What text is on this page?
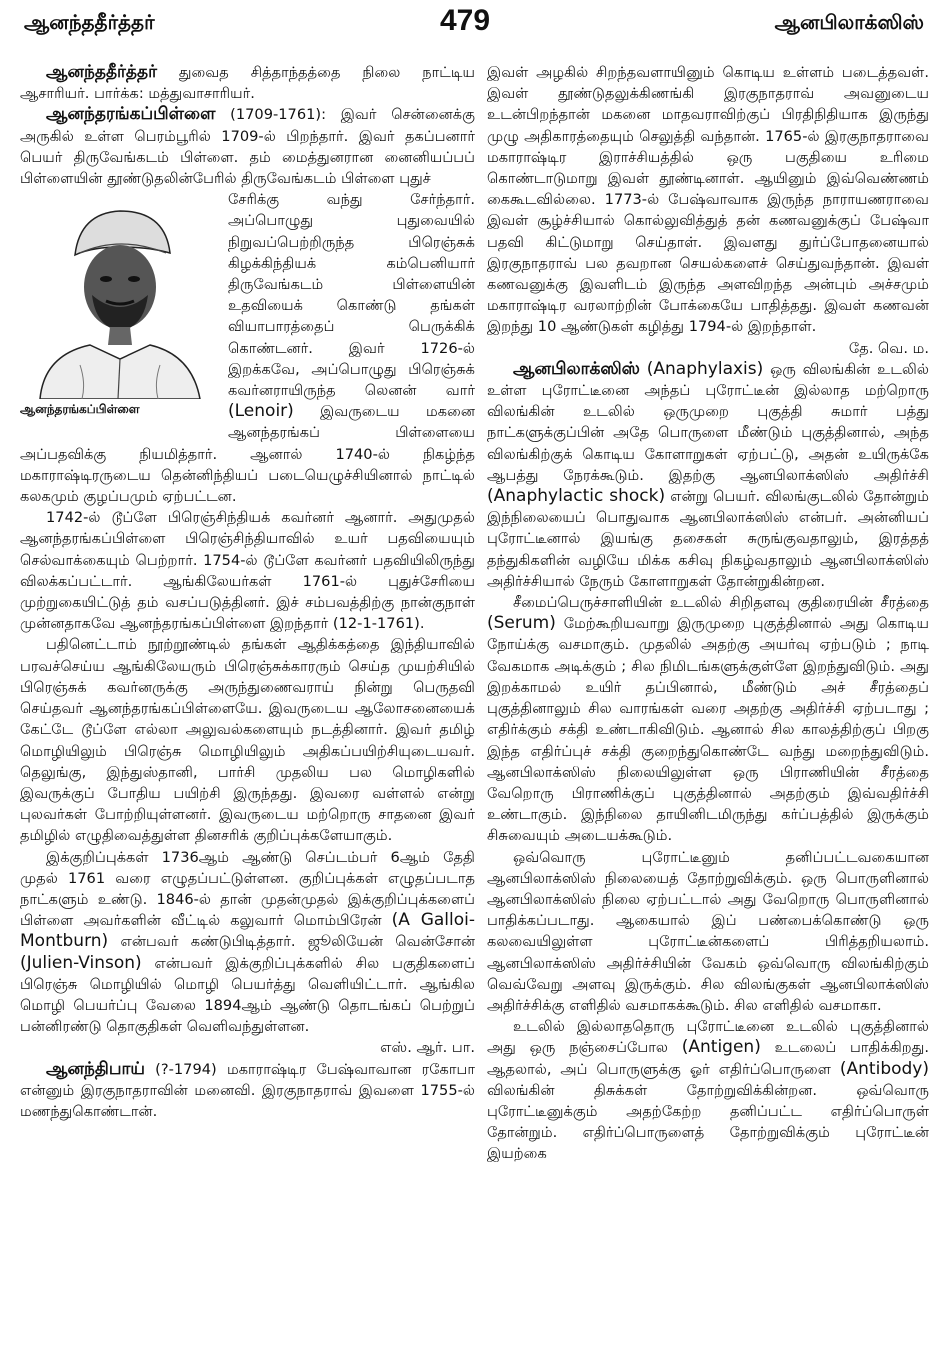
ஆனந்ததீர்த்தர்	479	ஆனபிலாக்ஸிஸ்

ஆனந்ததீர்த்தர் துவைத சித்தாந்தத்தை நிலை நாட்டிய ஆசாரியர். பார்க்க: மத்துவாசாரியர்.

ஆனந்தரங்கப்பிள்ளை (1709-1761): இவர் சென்னைக்கு அருகில் உள்ள பெரம்பூரில் 1709-ல் பிறந்தார். இவர் தகப்பனார் பெயர் திருவேங்கடம் பிள்ளை. தம் மைத்துனரான னைனியப்பப் பிள்ளையின் தூண்டுதலின்பேரில் திருவேங்கடம் பிள்ளை புதுச்

ஆனந்தரங்கப்பிள்ளை

சேரிக்கு வந்து சேர்ந்தார். அப்பொழுது புதுவையில் நிறுவப்பெற்றிருந்த பிரெஞ்சுக் கிழக்கிந்தியக் கம்பெனியார் திருவேங்கடம் பிள்ளையின் உதவியைக் கொண்டு தங்கள் வியாபாரத்தைப் பெருக்கிக் கொண்டனர். இவர் 1726-ல் இறக்கவே, அப்பொழுது பிரெஞ்சுக் கவர்னராயிருந்த லெனன் வார் (Lenoir) இவருடைய மகனை ஆனந்தரங்கப் பிள்ளையை அப்பதவிக்கு நியமித்தார். ஆனால் 1740-ல் நிகழ்ந்த மகாராஷ்டிரருடைய தென்னிந்தியப் படையெழுச்சியினால் நாட்டில் கலகமும் குழப்பமும் ஏற்பட்டன.

1742-ல் டூப்ளே பிரெஞ்சிந்தியக் கவர்னர் ஆனார். அதுமுதல் ஆனந்தரங்கப்பிள்ளை பிரெஞ்சிந்தியாவில் உயர் பதவியையும் செல்வாக்கையும் பெற்றார். 1754-ல் டூப்ளே கவர்னர் பதவியிலிருந்து விலக்கப்பட்டார். ஆங்கிலேயர்கள் 1761-ல் புதுச்சேரியை முற்றுகையிட்டுத் தம் வசப்படுத்தினர். இச் சம்பவத்திற்கு நான்குநாள் முன்னதாகவே ஆனந்தரங்கப்பிள்ளை இறந்தார் (12-1-1761).

பதினெட்டாம் நூற்றூண்டில் தங்கள் ஆதிக்கத்தை இந்தியாவில் பரவச்செய்ய ஆங்கிலேயரும் பிரெஞ்சுக்காரரும் செய்த முயற்சியில் பிரெஞ்சுக் கவர்னருக்கு அருந்துணைவராய் நின்று பெருதவி செய்தவர் ஆனந்தரங்கப்பிள்ளையே. இவருடைய ஆலோசனையைக் கேட்டே டூப்ளே எல்லா அலுவல்களையும் நடத்தினார். இவர் தமிழ் மொழியிலும் பிரெஞ்சு மொழியிலும் அதிகப்பயிற்சியுடையவர். தெலுங்கு, இந்துஸ்தானி, பார்சி முதலிய பல மொழிகளில் இவருக்குப் போதிய பயிற்சி இருந்தது. இவரை வள்ளல் என்று புலவர்கள் போற்றியுள்ளனர். இவருடைய மற்றொரு சாதனை இவர் தமிழில் எழுதிவைத்துள்ள தினசரிக் குறிப்புக்களேயாகும்.

இக்குறிப்புக்கள் 1736ஆம் ஆண்டு செப்டம்பர் 6ஆம் தேதி முதல் 1761 வரை எழுதப்பட்டுள்ளன. குறிப்புக்கள் எழுதப்படாத நாட்களும் உண்டு. 1846-ல் தான் முதன்முதல் இக்குறிப்புக்களைப் பிள்ளை அவர்களின் வீட்டில் கலுவார் மொம்பிரேன் (A Galloi-Montburn) என்பவர் கண்டுபிடித்தார். ஜூலியேன் வென்சோன் (Julien-Vinson) என்பவர் இக்குறிப்புக்களில் சில பகுதிகளைப் பிரெஞ்சு மொழியில் மொழி பெயர்த்து வெளியிட்டார். ஆங்கில மொழி பெயர்ப்பு வேலை 1894ஆம் ஆண்டு தொடங்கப் பெற்றுப் பன்னிரண்டு தொகுதிகள் வெளிவந்துள்ளன.
எஸ். ஆர். பா.

ஆனந்திபாய் (?-1794) மகாராஷ்டிர பேஷ்வாவான ரகோபா என்னும் இரகுநாதராவின் மனைவி. இரகுநாதராவ் இவளை 1755-ல் மணந்துகொண்டான்.

இவள் அழகில் சிறந்தவளாயினும் கொடிய உள்ளம் படைத்தவள். இவள் தூண்டுதலுக்கிணங்கி இரகுநாதராவ் அவனுடைய உடன்பிறந்தான் மகனை மாதவராவிற்குப் பிரதிநிதியாக இருந்து முழு அதிகாரத்தையும் செலுத்தி வந்தான். 1765-ல் இரகுநாதராவை மகாராஷ்டிர இராச்சியத்தில் ஒரு பகுதியை உரிமை கொண்டாடுமாறு இவள் தூண்டினாள். ஆயினும் இவ்வெண்ணம் கைகூடவில்லை. 1773-ல் பேஷ்வாவாக இருந்த நாராயணராவை இவள் சூழ்ச்சியால் கொல்லுவித்துத் தன் கணவனுக்குப் பேஷ்வா பதவி கிட்டுமாறு செய்தாள். இவளது துர்ப்போதனையால் இரகுநாதராவ் பல தவறான செயல்களைச் செய்துவந்தான். இவள் கணவனுக்கு இவளிடம் இருந்த அளவிறந்த அன்பும் அச்சமும் மகாராஷ்டிர வரலாற்றின் போக்கையே பாதித்தது. இவள் கணவன் இறந்து 10 ஆண்டுகள் கழித்து 1794-ல் இறந்தாள்.
தே. வெ. ம.

ஆனபிலாக்ஸிஸ் (Anaphylaxis) ஒரு விலங்கின் உடலில் உள்ள புரோட்டீனை அந்தப் புரோட்டீன் இல்லாத மற்றொரு விலங்கின் உடலில் ஒருமுறை புகுத்தி சுமார் பத்து நாட்களுக்குப்பின் அதே பொருளை மீண்டும் புகுத்தினால், அந்த விலங்கிற்குக் கொடிய கோளாறுகள் ஏற்பட்டு, அதன் உயிருக்கே ஆபத்து நேரக்கூடும். இதற்கு ஆனபிலாக்ஸிஸ் அதிர்ச்சி (Anaphylactic shock) என்று பெயர். விலங்குடலில் தோன்றும் இந்நிலையைப் பொதுவாக ஆனபிலாக்ஸிஸ் என்பர். அன்னியப் புரோட்டீனால் இயங்கு தசைகள் சுருங்குவதாலும், இரத்தத் தந்துகிகளின் வழியே மிக்க கசிவு நிகழ்வதாலும் ஆனபிலாக்ஸிஸ் அதிர்ச்சியால் நேரும் கோளாறுகள் தோன்றுகின்றன.

சீமைப்பெருச்சாளியின் உடலில் சிறிதளவு குதிரையின் சீரத்தை (Serum) மேற்கூறியவாறு இருமுறை புகுத்தினால் அது கொடிய நோய்க்கு வசமாகும். முதலில் அதற்கு அயர்வு ஏற்படும் ; நாடி வேகமாக அடிக்கும் ; சில நிமிடங்களுக்குள்ளே இறந்துவிடும். அது இறக்காமல் உயிர் தப்பினால், மீண்டும் அச் சீரத்தைப் புகுத்தினாலும் சில வாரங்கள் வரை அதற்கு அதிர்ச்சி ஏற்படாது ; எதிர்க்கும் சக்தி உண்டாகிவிடும். ஆனால் சில காலத்திற்குப் பிறகு இந்த எதிர்ப்புச் சக்தி குறைந்துகொண்டே வந்து மறைந்துவிடும். ஆனபிலாக்ஸிஸ் நிலையிலுள்ள ஒரு பிராணியின் சீரத்தை வேறொரு பிராணிக்குப் புகுத்தினால் அதற்கும் இவ்வதிர்ச்சி உண்டாகும். இந்நிலை தாயினிடமிருந்து கர்ப்பத்தில் இருக்கும் சிசுவையும் அடையக்கூடும்.

ஒவ்வொரு புரோட்டீனும் தனிப்பட்டவகையான ஆனபிலாக்ஸிஸ் நிலையைத் தோற்றுவிக்கும். ஒரு பொருளினால் ஆனபிலாக்ஸிஸ் நிலை ஏற்பட்டால் அது வேறொரு பொருளினால் பாதிக்கப்படாது. ஆகையால் இப் பண்பைக்கொண்டு ஒரு கலவையிலுள்ள புரோட்டீன்களைப் பிரித்தறியலாம். ஆனபிலாக்ஸிஸ் அதிர்ச்சியின் வேகம் ஒவ்வொரு விலங்கிற்கும் வெவ்வேறு அளவு இருக்கும். சில விலங்குகள் ஆனபிலாக்ஸிஸ் அதிர்ச்சிக்கு எளிதில் வசமாகக்கூடும். சில எளிதில் வசமாகா.

உடலில் இல்லாததொரு புரோட்டீனை உடலில் புகுத்தினால் அது ஒரு நஞ்சைப்போல (Antigen) உடலைப் பாதிக்கிறது. ஆதலால், அப் பொருளுக்கு ஓர் எதிர்ப்பொருளை (Antibody) விலங்கின் திசுக்கள் தோற்றுவிக்கின்றன. ஒவ்வொரு புரோட்டீனுக்கும் அதற்கேற்ற தனிப்பட்ட எதிர்ப்பொருள் தோன்றும். எதிர்ப்பொருளைத் தோற்றுவிக்கும் புரோட்டீன் இயற்கை
